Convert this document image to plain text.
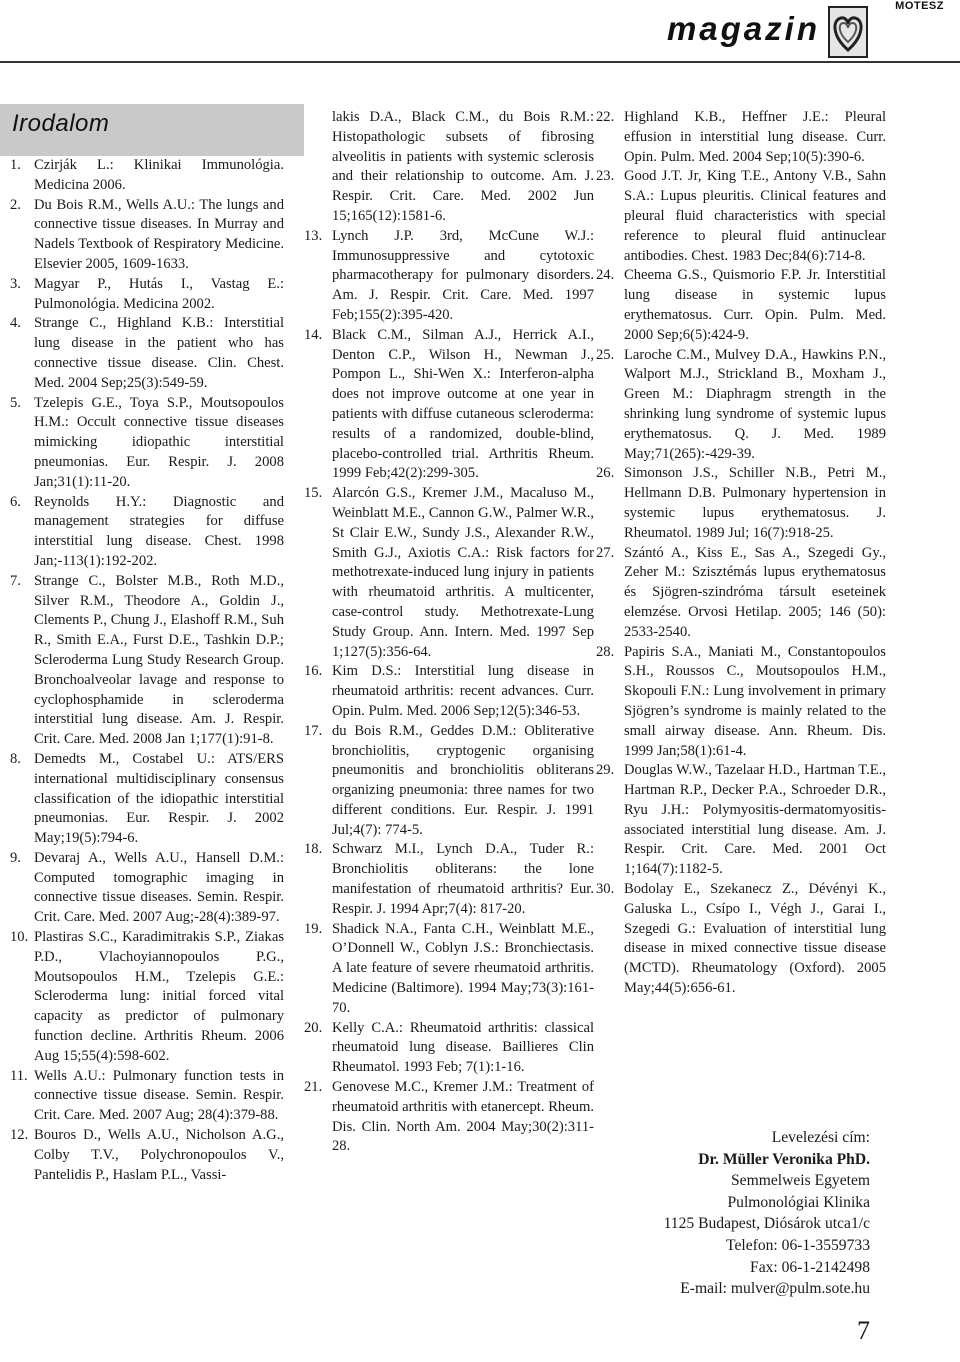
MOTESZ
magazin
Irodalom
1. Czirják L.: Klinikai Immunológia. Medicina 2006.
2. Du Bois R.M., Wells A.U.: The lungs and connective tissue diseases. In Murray and Nadels Textbook of Respiratory Medicine. Elsevier 2005, 1609-1633.
3. Magyar P., Hutás I., Vastag E.: Pulmonológia. Medicina 2002.
4. Strange C., Highland K.B.: Interstitial lung disease in the patient who has connective tissue disease. Clin. Chest. Med. 2004 Sep;25(3):549-59.
5. Tzelepis G.E., Toya S.P., Moutsopoulos H.M.: Occult connective tissue diseases mimicking idiopathic interstitial pneumonias. Eur. Respir. J. 2008 Jan;31(1):11-20.
6. Reynolds H.Y.: Diagnostic and management strategies for diffuse interstitial lung disease. Chest. 1998 Jan;-113(1):192-202.
7. Strange C., Bolster M.B., Roth M.D., Silver R.M., Theodore A., Goldin J., Clements P., Chung J., Elashoff R.M., Suh R., Smith E.A., Furst D.E., Tashkin D.P.; Scleroderma Lung Study Research Group. Bronchoalveolar lavage and response to cyclophosphamide in scleroderma interstitial lung disease. Am. J. Respir. Crit. Care. Med. 2008 Jan 1;177(1):91-8.
8. Demedts M., Costabel U.: ATS/ERS international multidisciplinary consensus classification of the idiopathic interstitial pneumonias. Eur. Respir. J. 2002 May;19(5):794-6.
9. Devaraj A., Wells A.U., Hansell D.M.: Computed tomographic imaging in connective tissue diseases. Semin. Respir. Crit. Care. Med. 2007 Aug;-28(4):389-97.
10. Plastiras S.C., Karadimitrakis S.P., Ziakas P.D., Vlachoyiannopoulos P.G., Moutsopoulos H.M., Tzelepis G.E.: Scleroderma lung: initial forced vital capacity as predictor of pulmonary function decline. Arthritis Rheum. 2006 Aug 15;55(4):598-602.
11. Wells A.U.: Pulmonary function tests in connective tissue disease. Semin. Respir. Crit. Care. Med. 2007 Aug; 28(4):379-88.
12. Bouros D., Wells A.U., Nicholson A.G., Colby T.V., Polychronopoulos V., Pantelidis P., Haslam P.L., Vassi-
lakis D.A., Black C.M., du Bois R.M.: Histopathologic subsets of fibrosing alveolitis in patients with systemic sclerosis and their relationship to outcome. Am. J. Respir. Crit. Care. Med. 2002 Jun 15;165(12):1581-6.
13. Lynch J.P. 3rd, McCune W.J.: Immunosuppressive and cytotoxic pharmacotherapy for pulmonary disorders. Am. J. Respir. Crit. Care. Med. 1997 Feb;155(2):395-420.
14. Black C.M., Silman A.J., Herrick A.I., Denton C.P., Wilson H., Newman J., Pompon L., Shi-Wen X.: Interferon-alpha does not improve outcome at one year in patients with diffuse cutaneous scleroderma: results of a randomized, double-blind, placebo-controlled trial. Arthritis Rheum. 1999 Feb;42(2):299-305.
15. Alarcón G.S., Kremer J.M., Macaluso M., Weinblatt M.E., Cannon G.W., Palmer W.R., St Clair E.W., Sundy J.S., Alexander R.W., Smith G.J., Axiotis C.A.: Risk factors for methotrexate-induced lung injury in patients with rheumatoid arthritis. A multicenter, case-control study. Methotrexate-Lung Study Group. Ann. Intern. Med. 1997 Sep 1;127(5):356-64.
16. Kim D.S.: Interstitial lung disease in rheumatoid arthritis: recent advances. Curr. Opin. Pulm. Med. 2006 Sep;12(5):346-53.
17. du Bois R.M., Geddes D.M.: Obliterative bronchiolitis, cryptogenic organising pneumonitis and bronchiolitis obliterans organizing pneumonia: three names for two different conditions. Eur. Respir. J. 1991 Jul;4(7): 774-5.
18. Schwarz M.I., Lynch D.A., Tuder R.: Bronchiolitis obliterans: the lone manifestation of rheumatoid arthritis? Eur. Respir. J. 1994 Apr;7(4): 817-20.
19. Shadick N.A., Fanta C.H., Weinblatt M.E., O’Donnell W., Coblyn J.S.: Bronchiectasis. A late feature of severe rheumatoid arthritis. Medicine (Baltimore). 1994 May;73(3):161-70.
20. Kelly C.A.: Rheumatoid arthritis: classical rheumatoid lung disease. Baillieres Clin Rheumatol. 1993 Feb; 7(1):1-16.
21. Genovese M.C., Kremer J.M.: Treatment of rheumatoid arthritis with etanercept. Rheum. Dis. Clin. North Am. 2004 May;30(2):311-28.
22. Highland K.B., Heffner J.E.: Pleural effusion in interstitial lung disease. Curr. Opin. Pulm. Med. 2004 Sep;10(5):390-6.
23. Good J.T. Jr, King T.E., Antony V.B., Sahn S.A.: Lupus pleuritis. Clinical features and pleural fluid characteristics with special reference to pleural fluid antinuclear antibodies. Chest. 1983 Dec;84(6):714-8.
24. Cheema G.S., Quismorio F.P. Jr. Interstitial lung disease in systemic lupus erythematosus. Curr. Opin. Pulm. Med. 2000 Sep;6(5):424-9.
25. Laroche C.M., Mulvey D.A., Hawkins P.N., Walport M.J., Strickland B., Moxham J., Green M.: Diaphragm strength in the shrinking lung syndrome of systemic lupus erythematosus. Q. J. Med. 1989 May;71(265):-429-39.
26. Simonson J.S., Schiller N.B., Petri M., Hellmann D.B. Pulmonary hypertension in systemic lupus erythematosus. J. Rheumatol. 1989 Jul; 16(7):918-25.
27. Szántó A., Kiss E., Sas A., Szegedi Gy., Zeher M.: Szisztémás lupus erythematosus és Sjögren-szindróma társult eseteinek elemzése. Orvosi Hetilap. 2005; 146 (50): 2533-2540.
28. Papiris S.A., Maniati M., Constantopoulos S.H., Roussos C., Moutsopoulos H.M., Skopouli F.N.: Lung involvement in primary Sjögren’s syndrome is mainly related to the small airway disease. Ann. Rheum. Dis. 1999 Jan;58(1):61-4.
29. Douglas W.W., Tazelaar H.D., Hartman T.E., Hartman R.P., Decker P.A., Schroeder D.R., Ryu J.H.: Polymyositis-dermatomyositis-associated interstitial lung disease. Am. J. Respir. Crit. Care. Med. 2001 Oct 1;164(7):1182-5.
30. Bodolay E., Szekanecz Z., Dévényi K., Galuska L., Csípo I., Végh J., Garai I., Szegedi G.: Evaluation of interstitial lung disease in mixed connective tissue disease (MCTD). Rheumatology (Oxford). 2005 May;44(5):656-61.
Levelezési cím:
Dr. Müller Veronika PhD.
Semmelweis Egyetem
Pulmonológiai Klinika
1125 Budapest, Diósárok utca1/c
Telefon: 06-1-3559733
Fax: 06-1-2142498
E-mail: mulver@pulm.sote.hu
7
